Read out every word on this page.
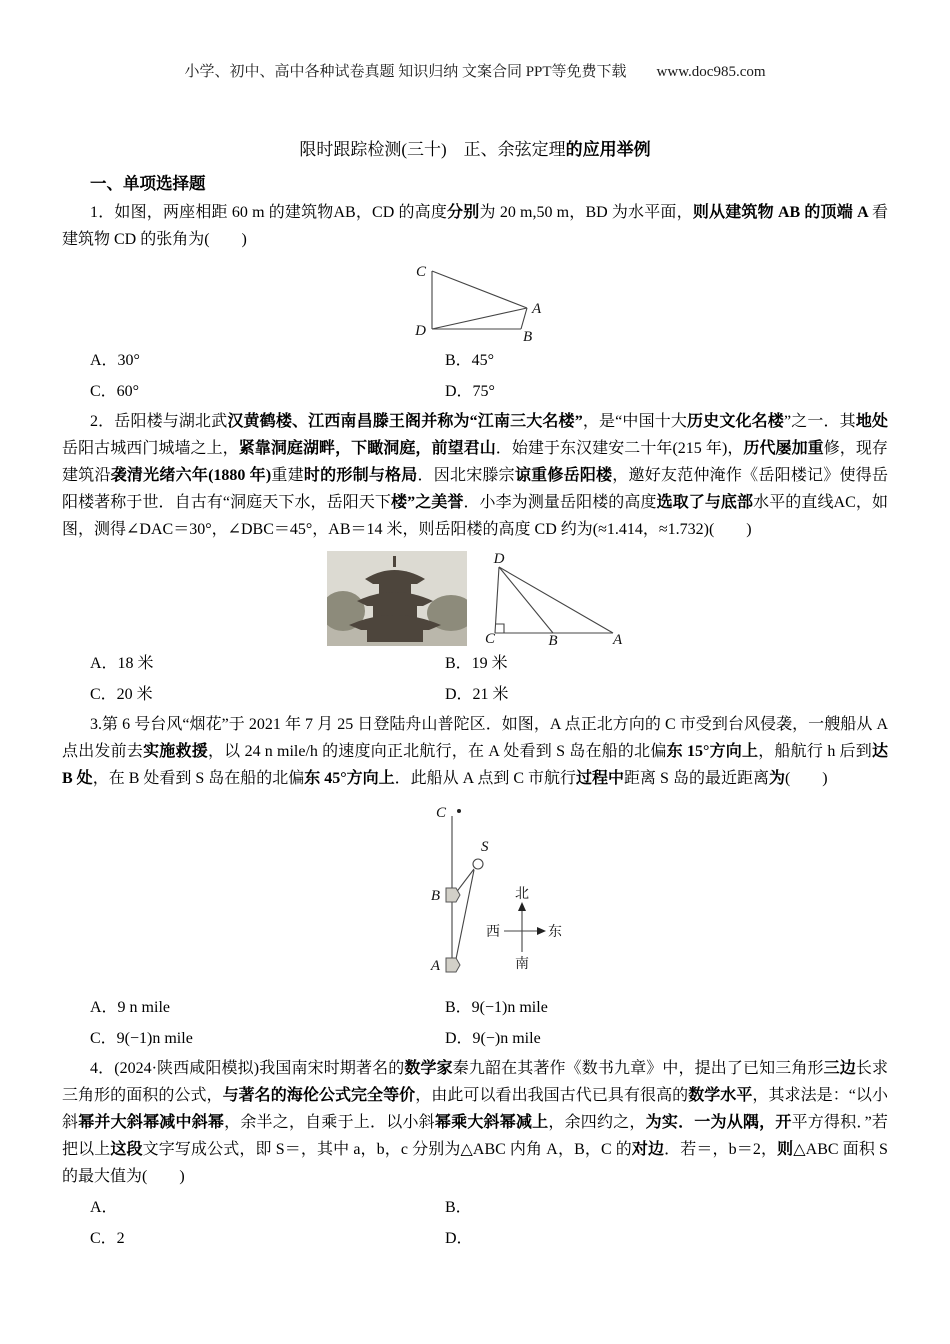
小学、初中、高中各种试卷真题 知识归纳 文案合同 PPT等免费下载　　www.doc985.com
限时跟踪检测(三十)　正、余弦定理的应用举例
一、单项选择题

1．如图，两座相距 60 m 的建筑物AB，CD 的高度分别为 20 m,50 m，BD 为水平面，则从建筑物 AB 的顶端 A 看建筑物 CD 的张角为(　　)

C
D
A
B
A．30°	B．45°
C．60°	D．75°

2．岳阳楼与湖北武汉黄鹤楼、江西南昌滕王阁并称为“江南三大名楼”，是“中国十大历史文化名楼”之一．其地处岳阳古城西门城墙之上，紧靠洞庭湖畔，下瞰洞庭，前望君山．始建于东汉建安二十年(215 年)，历代屡加重修，现存建筑沿袭清光绪六年(1880 年)重建时的形制与格局．因北宋滕宗谅重修岳阳楼，邀好友范仲淹作《岳阳楼记》使得岳阳楼著称于世．自古有“洞庭天下水，岳阳天下楼”之美誉．小李为测量岳阳楼的高度选取了与底部水平的直线AC，如图，测得∠DAC＝30°，∠DBC＝45°，AB＝14 米，则岳阳楼的高度 CD 约为(≈1.414，≈1.732)(　　)

D
C	B	A
A．18 米	B．19 米
C．20 米	D．21 米

3.第 6 号台风“烟花”于 2021 年 7 月 25 日登陆舟山普陀区．如图，A 点正北方向的 C 市受到台风侵袭，一艘船从 A 点出发前去实施救援，以 24 n mile/h 的速度向正北航行，在 A 处看到 S 岛在船的北偏东 15°方向上，船航行 h 后到达 B 处，在 B 处看到 S 岛在船的北偏东 45°方向上．此船从 A 点到 C 市航行过程中距离 S 岛的最近距离为(　　)

C
S
B
A
北
西	东
南
A．9 n mile	B．9(−1)n mile
C．9(−1)n mile	D．9(−)n mile

4．(2024·陕西咸阳模拟)我国南宋时期著名的数学家秦九韶在其著作《数书九章》中，提出了已知三角形三边长求三角形的面积的公式，与著名的海伦公式完全等价，由此可以看出我国古代已具有很高的数学水平，其求法是：“以小斜幂并大斜幂减中斜幂，余半之，自乘于上．以小斜幂乘大斜幂减上，余四约之，为实．一为从隅，开平方得积．”若把以上这段文字写成公式，即 S＝，其中 a，b，c 分别为△ABC 内角 A，B，C 的对边．若＝，b＝2，则△ABC 面积 S 的最大值为(　　)

A．	B．
C．2	D．
